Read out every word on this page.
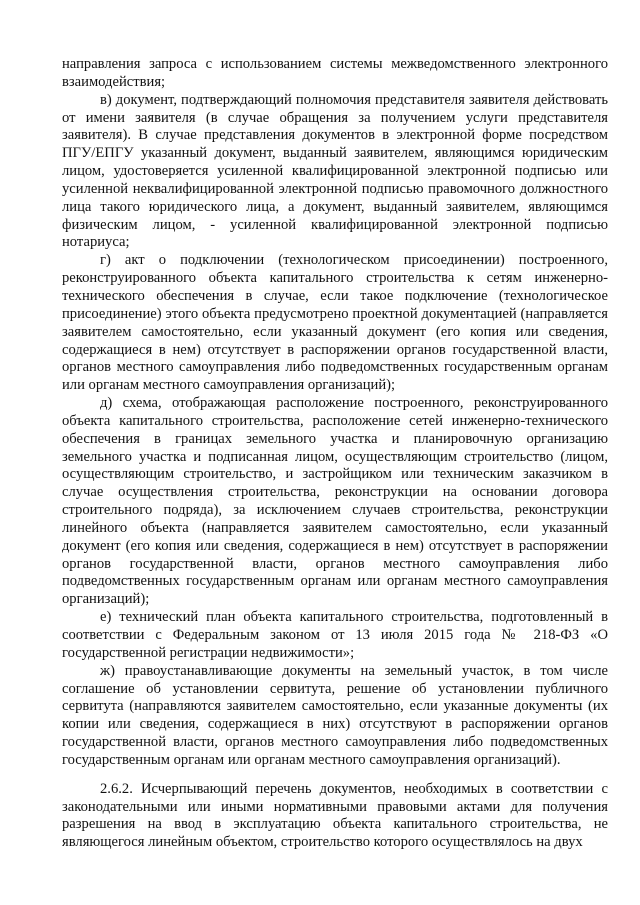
направления запроса с использованием системы межведомственного электронного взаимодействия;

в) документ, подтверждающий полномочия представителя заявителя действовать от имени заявителя (в случае обращения за получением услуги представителя заявителя). В случае представления документов в электронной форме посредством ПГУ/ЕПГУ указанный документ, выданный заявителем, являющимся юридическим лицом, удостоверяется усиленной квалифицированной электронной подписью или усиленной неквалифицированной электронной подписью правомочного должностного лица такого юридического лица, а документ, выданный заявителем, являющимся физическим лицом, - усиленной квалифицированной электронной подписью нотариуса;

г) акт о подключении (технологическом присоединении) построенного, реконструированного объекта капитального строительства к сетям инженерно-технического обеспечения в случае, если такое подключение (технологическое присоединение) этого объекта предусмотрено проектной документацией (направляется заявителем самостоятельно, если указанный документ (его копия или сведения, содержащиеся в нем) отсутствует в распоряжении органов государственной власти, органов местного самоуправления либо подведомственных государственным органам или органам местного самоуправления организаций);

д) схема, отображающая расположение построенного, реконструированного объекта капитального строительства, расположение сетей инженерно-технического обеспечения в границах земельного участка и планировочную организацию земельного участка и подписанная лицом, осуществляющим строительство (лицом, осуществляющим строительство, и застройщиком или техническим заказчиком в случае осуществления строительства, реконструкции на основании договора строительного подряда), за исключением случаев строительства, реконструкции линейного объекта (направляется заявителем самостоятельно, если указанный документ (его копия или сведения, содержащиеся в нем) отсутствует в распоряжении органов государственной власти, органов местного самоуправления либо подведомственных государственным органам или органам местного самоуправления организаций);

е) технический план объекта капитального строительства, подготовленный в соответствии с Федеральным законом от 13 июля 2015 года № 218-ФЗ «О государственной регистрации недвижимости»;

ж) правоустанавливающие документы на земельный участок, в том числе соглашение об установлении сервитута, решение об установлении публичного сервитута (направляются заявителем самостоятельно, если указанные документы (их копии или сведения, содержащиеся в них) отсутствуют в распоряжении органов государственной власти, органов местного самоуправления либо подведомственных государственным органам или органам местного самоуправления организаций).

2.6.2. Исчерпывающий перечень документов, необходимых в соответствии с законодательными или иными нормативными правовыми актами для получения разрешения на ввод в эксплуатацию объекта капитального строительства, не являющегося линейным объектом, строительство которого осуществлялось на двух
